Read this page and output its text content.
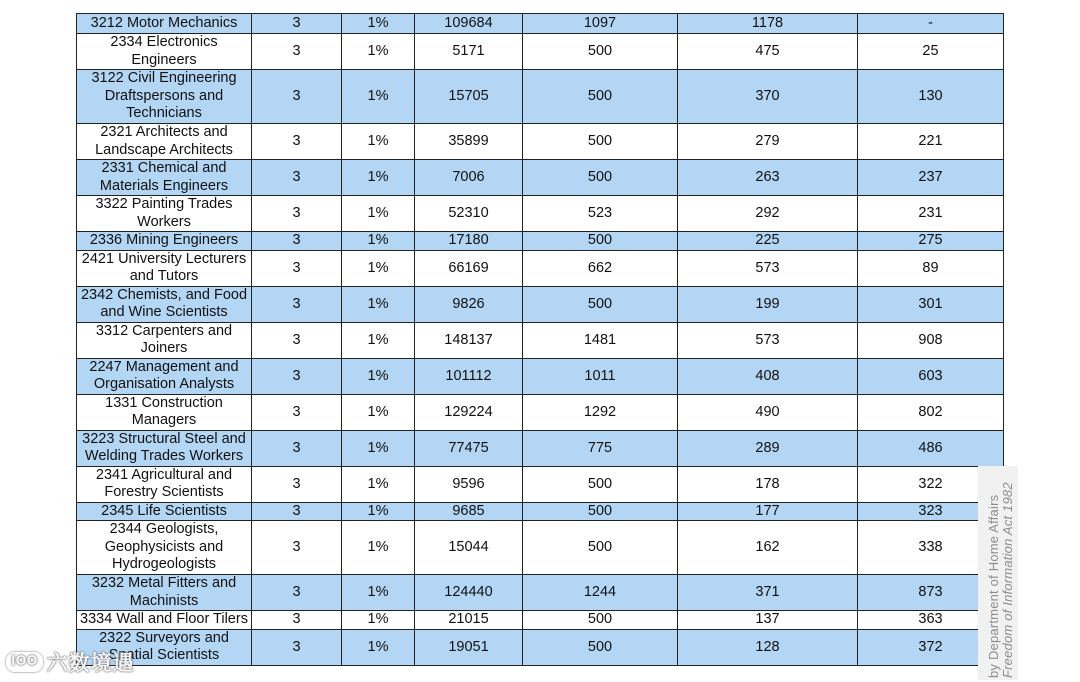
3212 Motor Mechanics	3	1%	109684	1097	1178	-
2334 Electronics Engineers	3	1%	5171	500	475	25
3122 Civil Engineering Draftspersons and Technicians	3	1%	15705	500	370	130
2321 Architects and Landscape Architects	3	1%	35899	500	279	221
2331 Chemical and Materials Engineers	3	1%	7006	500	263	237
3322 Painting Trades Workers	3	1%	52310	523	292	231
2336 Mining Engineers	3	1%	17180	500	225	275
2421 University Lecturers and Tutors	3	1%	66169	662	573	89
2342 Chemists, and Food and Wine Scientists	3	1%	9826	500	199	301
3312 Carpenters and Joiners	3	1%	148137	1481	573	908
2247 Management and Organisation Analysts	3	1%	101112	1011	408	603
1331 Construction Managers	3	1%	129224	1292	490	802
3223 Structural Steel and Welding Trades Workers	3	1%	77475	775	289	486
2341 Agricultural and Forestry Scientists	3	1%	9596	500	178	322
2345 Life Scientists	3	1%	9685	500	177	323
2344 Geologists, Geophysicists and Hydrogeologists	3	1%	15044	500	162	338
3232 Metal Fitters and Machinists	3	1%	124440	1244	371	873
3334 Wall and Floor Tilers	3	1%	21015	500	137	363
2322 Surveyors and Spatial Scientists	3	1%	19051	500	128	372	by Department of Home Affairs Freedom of Information Act 1982
lOO 六数境遇
